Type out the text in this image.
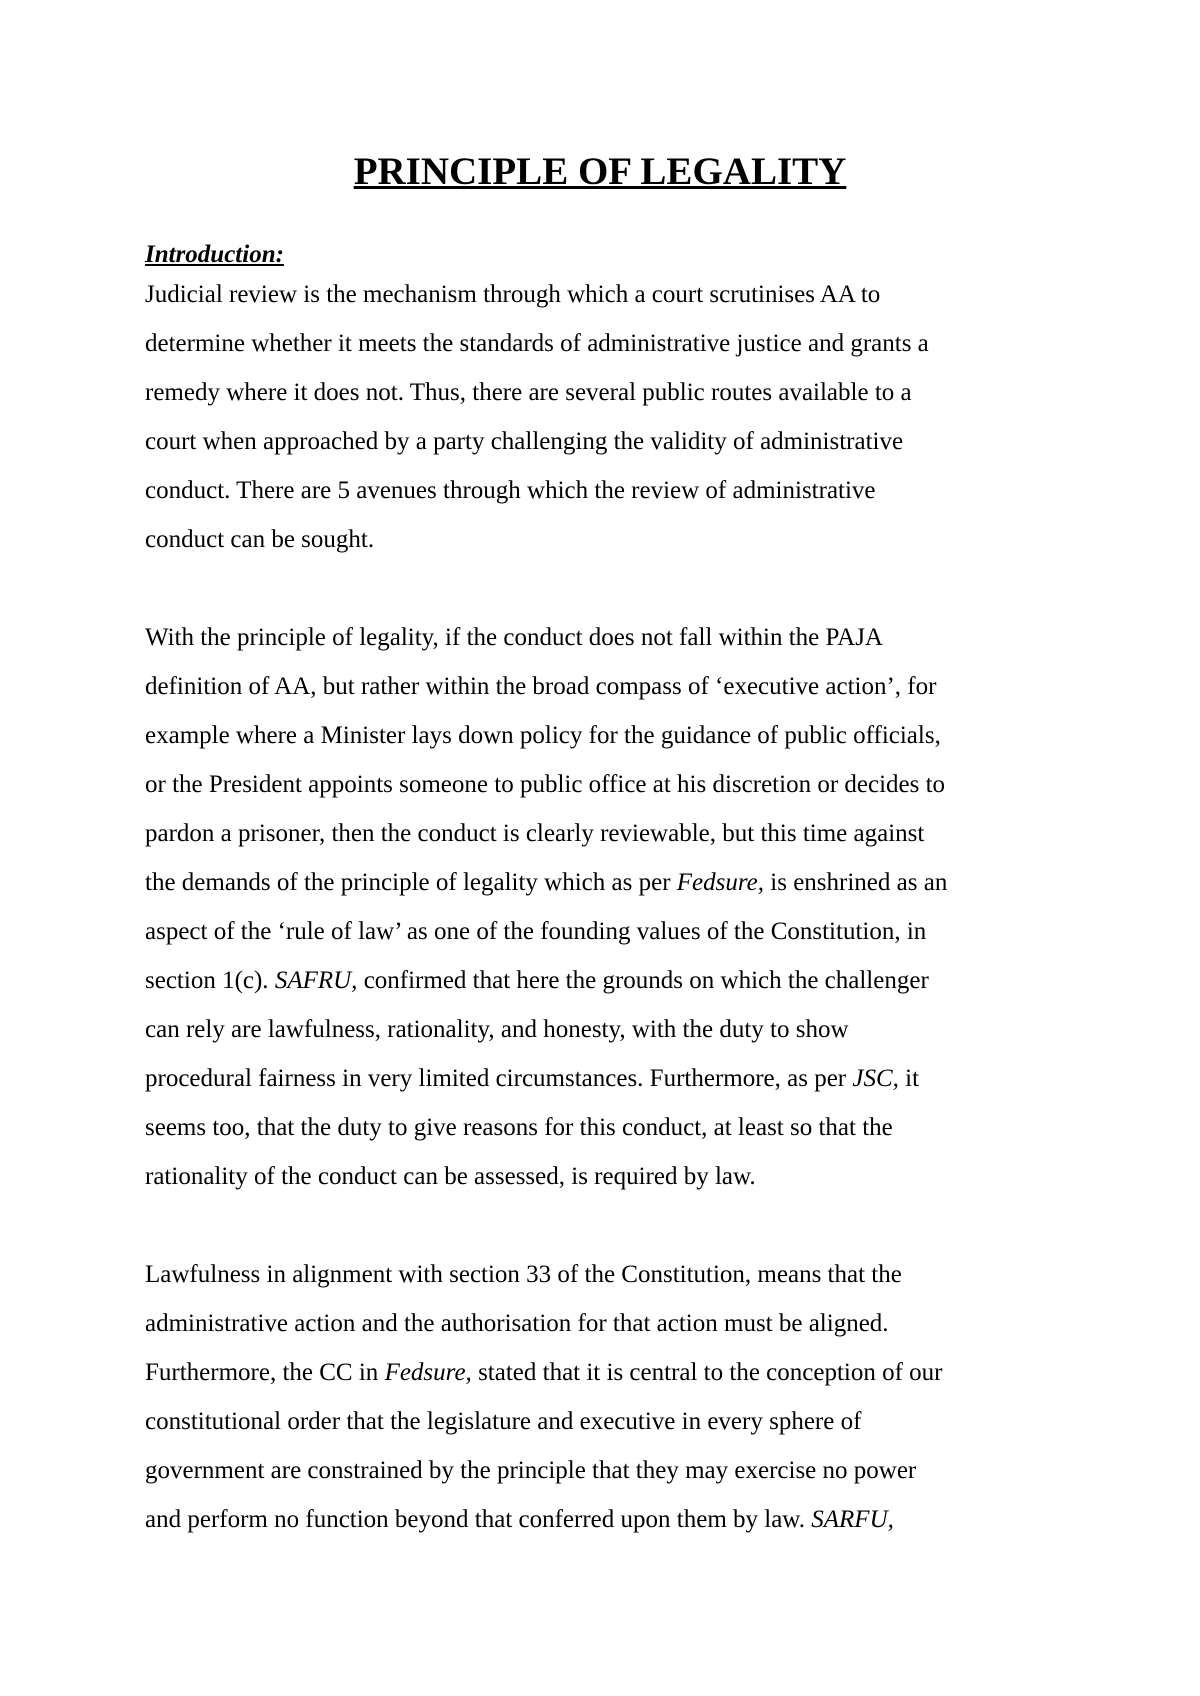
PRINCIPLE OF LEGALITY
Introduction:
Judicial review is the mechanism through which a court scrutinises AA to
determine whether it meets the standards of administrative justice and grants a
remedy where it does not. Thus, there are several public routes available to a
court when approached by a party challenging the validity of administrative
conduct. There are 5 avenues through which the review of administrative
conduct can be sought.
With the principle of legality, if the conduct does not fall within the PAJA
definition of AA, but rather within the broad compass of ‘executive action’, for
example where a Minister lays down policy for the guidance of public officials,
or the President appoints someone to public office at his discretion or decides to
pardon a prisoner, then the conduct is clearly reviewable, but this time against
the demands of the principle of legality which as per Fedsure, is enshrined as an
aspect of the ‘rule of law’ as one of the founding values of the Constitution, in
section 1(c). SAFRU, confirmed that here the grounds on which the challenger
can rely are lawfulness, rationality, and honesty, with the duty to show
procedural fairness in very limited circumstances. Furthermore, as per JSC, it
seems too, that the duty to give reasons for this conduct, at least so that the
rationality of the conduct can be assessed, is required by law.
Lawfulness in alignment with section 33 of the Constitution, means that the
administrative action and the authorisation for that action must be aligned.
Furthermore, the CC in Fedsure, stated that it is central to the conception of our
constitutional order that the legislature and executive in every sphere of
government are constrained by the principle that they may exercise no power
and perform no function beyond that conferred upon them by law. SARFU,
